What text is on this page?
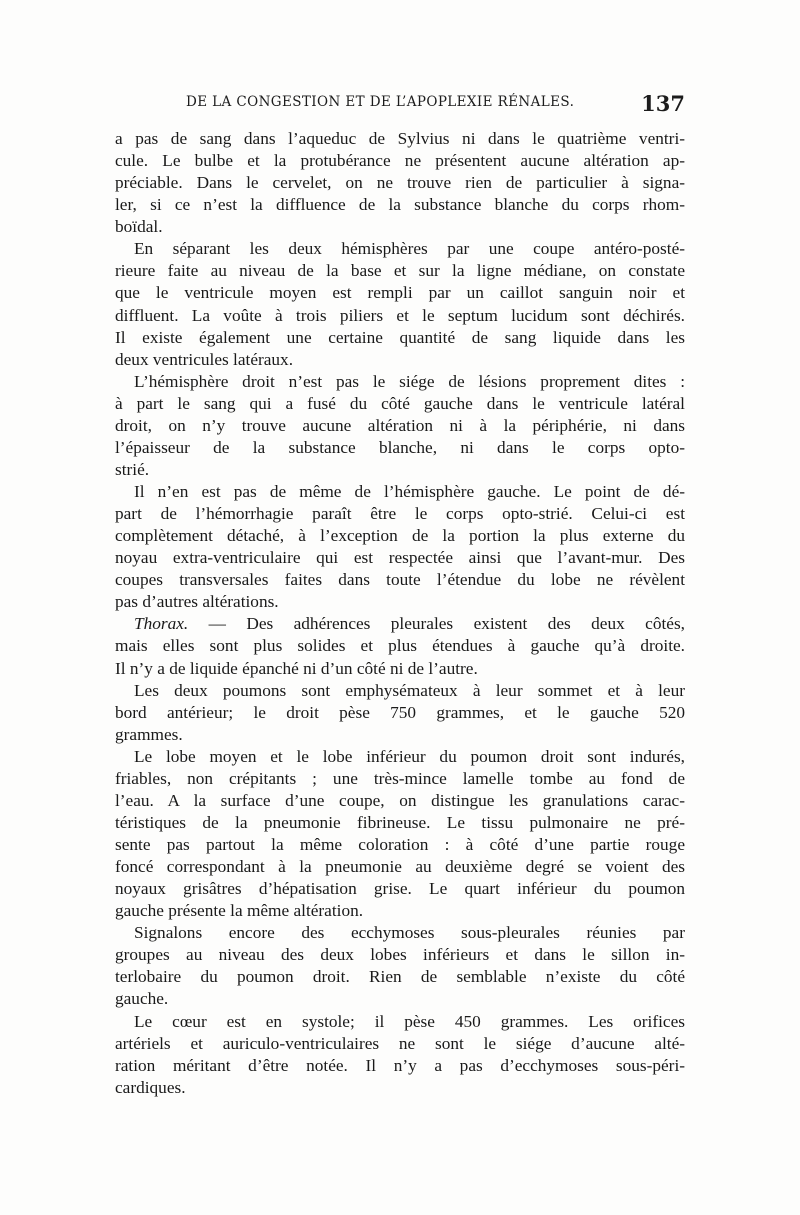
DE LA CONGESTION ET DE L’APOPLEXIE RÉNALES.	137
a pas de sang dans l’aqueduc de Sylvius ni dans le quatrième ventri-
cule. Le bulbe et la protubérance ne présentent aucune altération ap-
préciable. Dans le cervelet, on ne trouve rien de particulier à signa-
ler, si ce n’est la diffluence de la substance blanche du corps rhom-
boïdal.
En séparant les deux hémisphères par une coupe antéro-posté-
rieure faite au niveau de la base et sur la ligne médiane, on constate
que le ventricule moyen est rempli par un caillot sanguin noir et
diffluent. La voûte à trois piliers et le septum lucidum sont déchirés.
Il existe également une certaine quantité de sang liquide dans les
deux ventricules latéraux.
L’hémisphère droit n’est pas le siége de lésions proprement dites :
à part le sang qui a fusé du côté gauche dans le ventricule latéral
droit, on n’y trouve aucune altération ni à la périphérie, ni dans
l’épaisseur de la substance blanche, ni dans le corps opto-
strié.
Il n’en est pas de même de l’hémisphère gauche. Le point de dé-
part de l’hémorrhagie paraît être le corps opto-strié. Celui-ci est
complètement détaché, à l’exception de la portion la plus externe du
noyau extra-ventriculaire qui est respectée ainsi que l’avant-mur. Des
coupes transversales faites dans toute l’étendue du lobe ne révèlent
pas d’autres altérations.
Thorax. — Des adhérences pleurales existent des deux côtés,
mais elles sont plus solides et plus étendues à gauche qu’à droite.
Il n’y a de liquide épanché ni d’un côté ni de l’autre.
Les deux poumons sont emphysémateux à leur sommet et à leur
bord antérieur; le droit pèse 750 grammes, et le gauche 520
grammes.
Le lobe moyen et le lobe inférieur du poumon droit sont indurés,
friables, non crépitants ; une très-mince lamelle tombe au fond de
l’eau. A la surface d’une coupe, on distingue les granulations carac-
téristiques de la pneumonie fibrineuse. Le tissu pulmonaire ne pré-
sente pas partout la même coloration : à côté d’une partie rouge
foncé correspondant à la pneumonie au deuxième degré se voient des
noyaux grisâtres d’hépatisation grise. Le quart inférieur du poumon
gauche présente la même altération.
Signalons encore des ecchymoses sous-pleurales réunies par
groupes au niveau des deux lobes inférieurs et dans le sillon in-
terlobaire du poumon droit. Rien de semblable n’existe du côté
gauche.
Le cœur est en systole; il pèse 450 grammes. Les orifices
artériels et auriculo-ventriculaires ne sont le siége d’aucune alté-
ration méritant d’être notée. Il n’y a pas d’ecchymoses sous-péri-
cardiques.
